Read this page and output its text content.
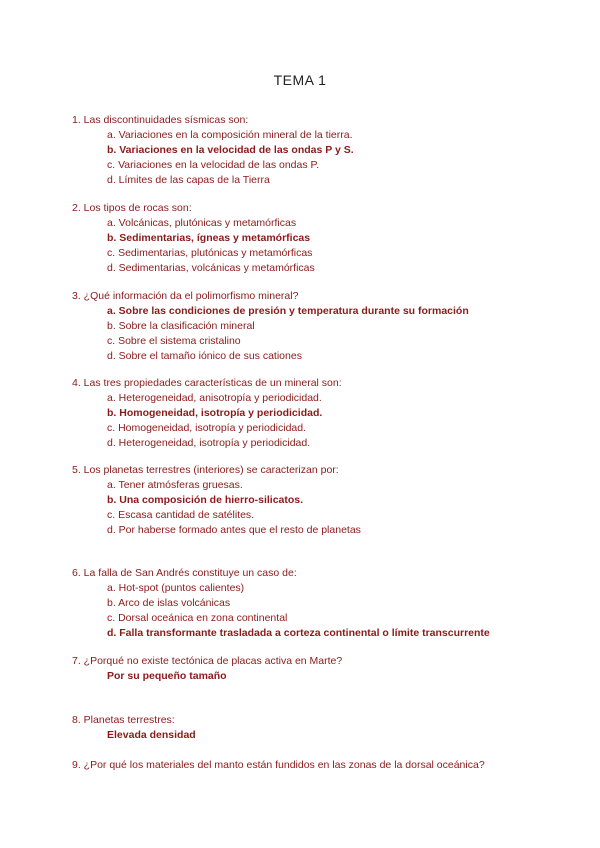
TEMA 1
1. Las discontinuidades sísmicas son:
a. Variaciones en la composición mineral de la tierra.
b. Variaciones en la velocidad de las ondas P y S.
c. Variaciones en la velocidad de las ondas P.
d. Límites de las capas de la Tierra
2. Los tipos de rocas son:
a. Volcánicas, plutónicas y metamórficas
b. Sedimentarias, ígneas y metamórficas
c. Sedimentarias, plutónicas y metamórficas
d. Sedimentarias, volcánicas y metamórficas
3. ¿Qué información da el polimorfismo mineral?
a. Sobre las condiciones de presión y temperatura durante su formación
b. Sobre la clasificación mineral
c. Sobre el sistema cristalino
d. Sobre el tamaño iónico de sus cationes
4. Las tres propiedades características de un mineral son:
a. Heterogeneidad, anisotropía y periodicidad.
b. Homogeneidad, isotropía y periodicidad.
c. Homogeneidad, isotropía y periodicidad.
d. Heterogeneidad, isotropía y periodicidad.
5. Los planetas terrestres (interiores) se caracterizan por:
a. Tener atmósferas gruesas.
b. Una composición de hierro-silicatos.
c. Escasa cantidad de satélites.
d. Por haberse formado antes que el resto de planetas
6. La falla de San Andrés constituye un caso de:
a. Hot-spot (puntos calientes)
b. Arco de islas volcánicas
c. Dorsal oceánica en zona continental
d. Falla transformante trasladada a corteza continental o límite transcurrente
7. ¿Porqué no existe tectónica de placas activa en Marte?
Por su pequeño tamaño
8. Planetas terrestres:
Elevada densidad
9. ¿Por qué los materiales del manto están fundidos en las zonas de la dorsal oceánica?
